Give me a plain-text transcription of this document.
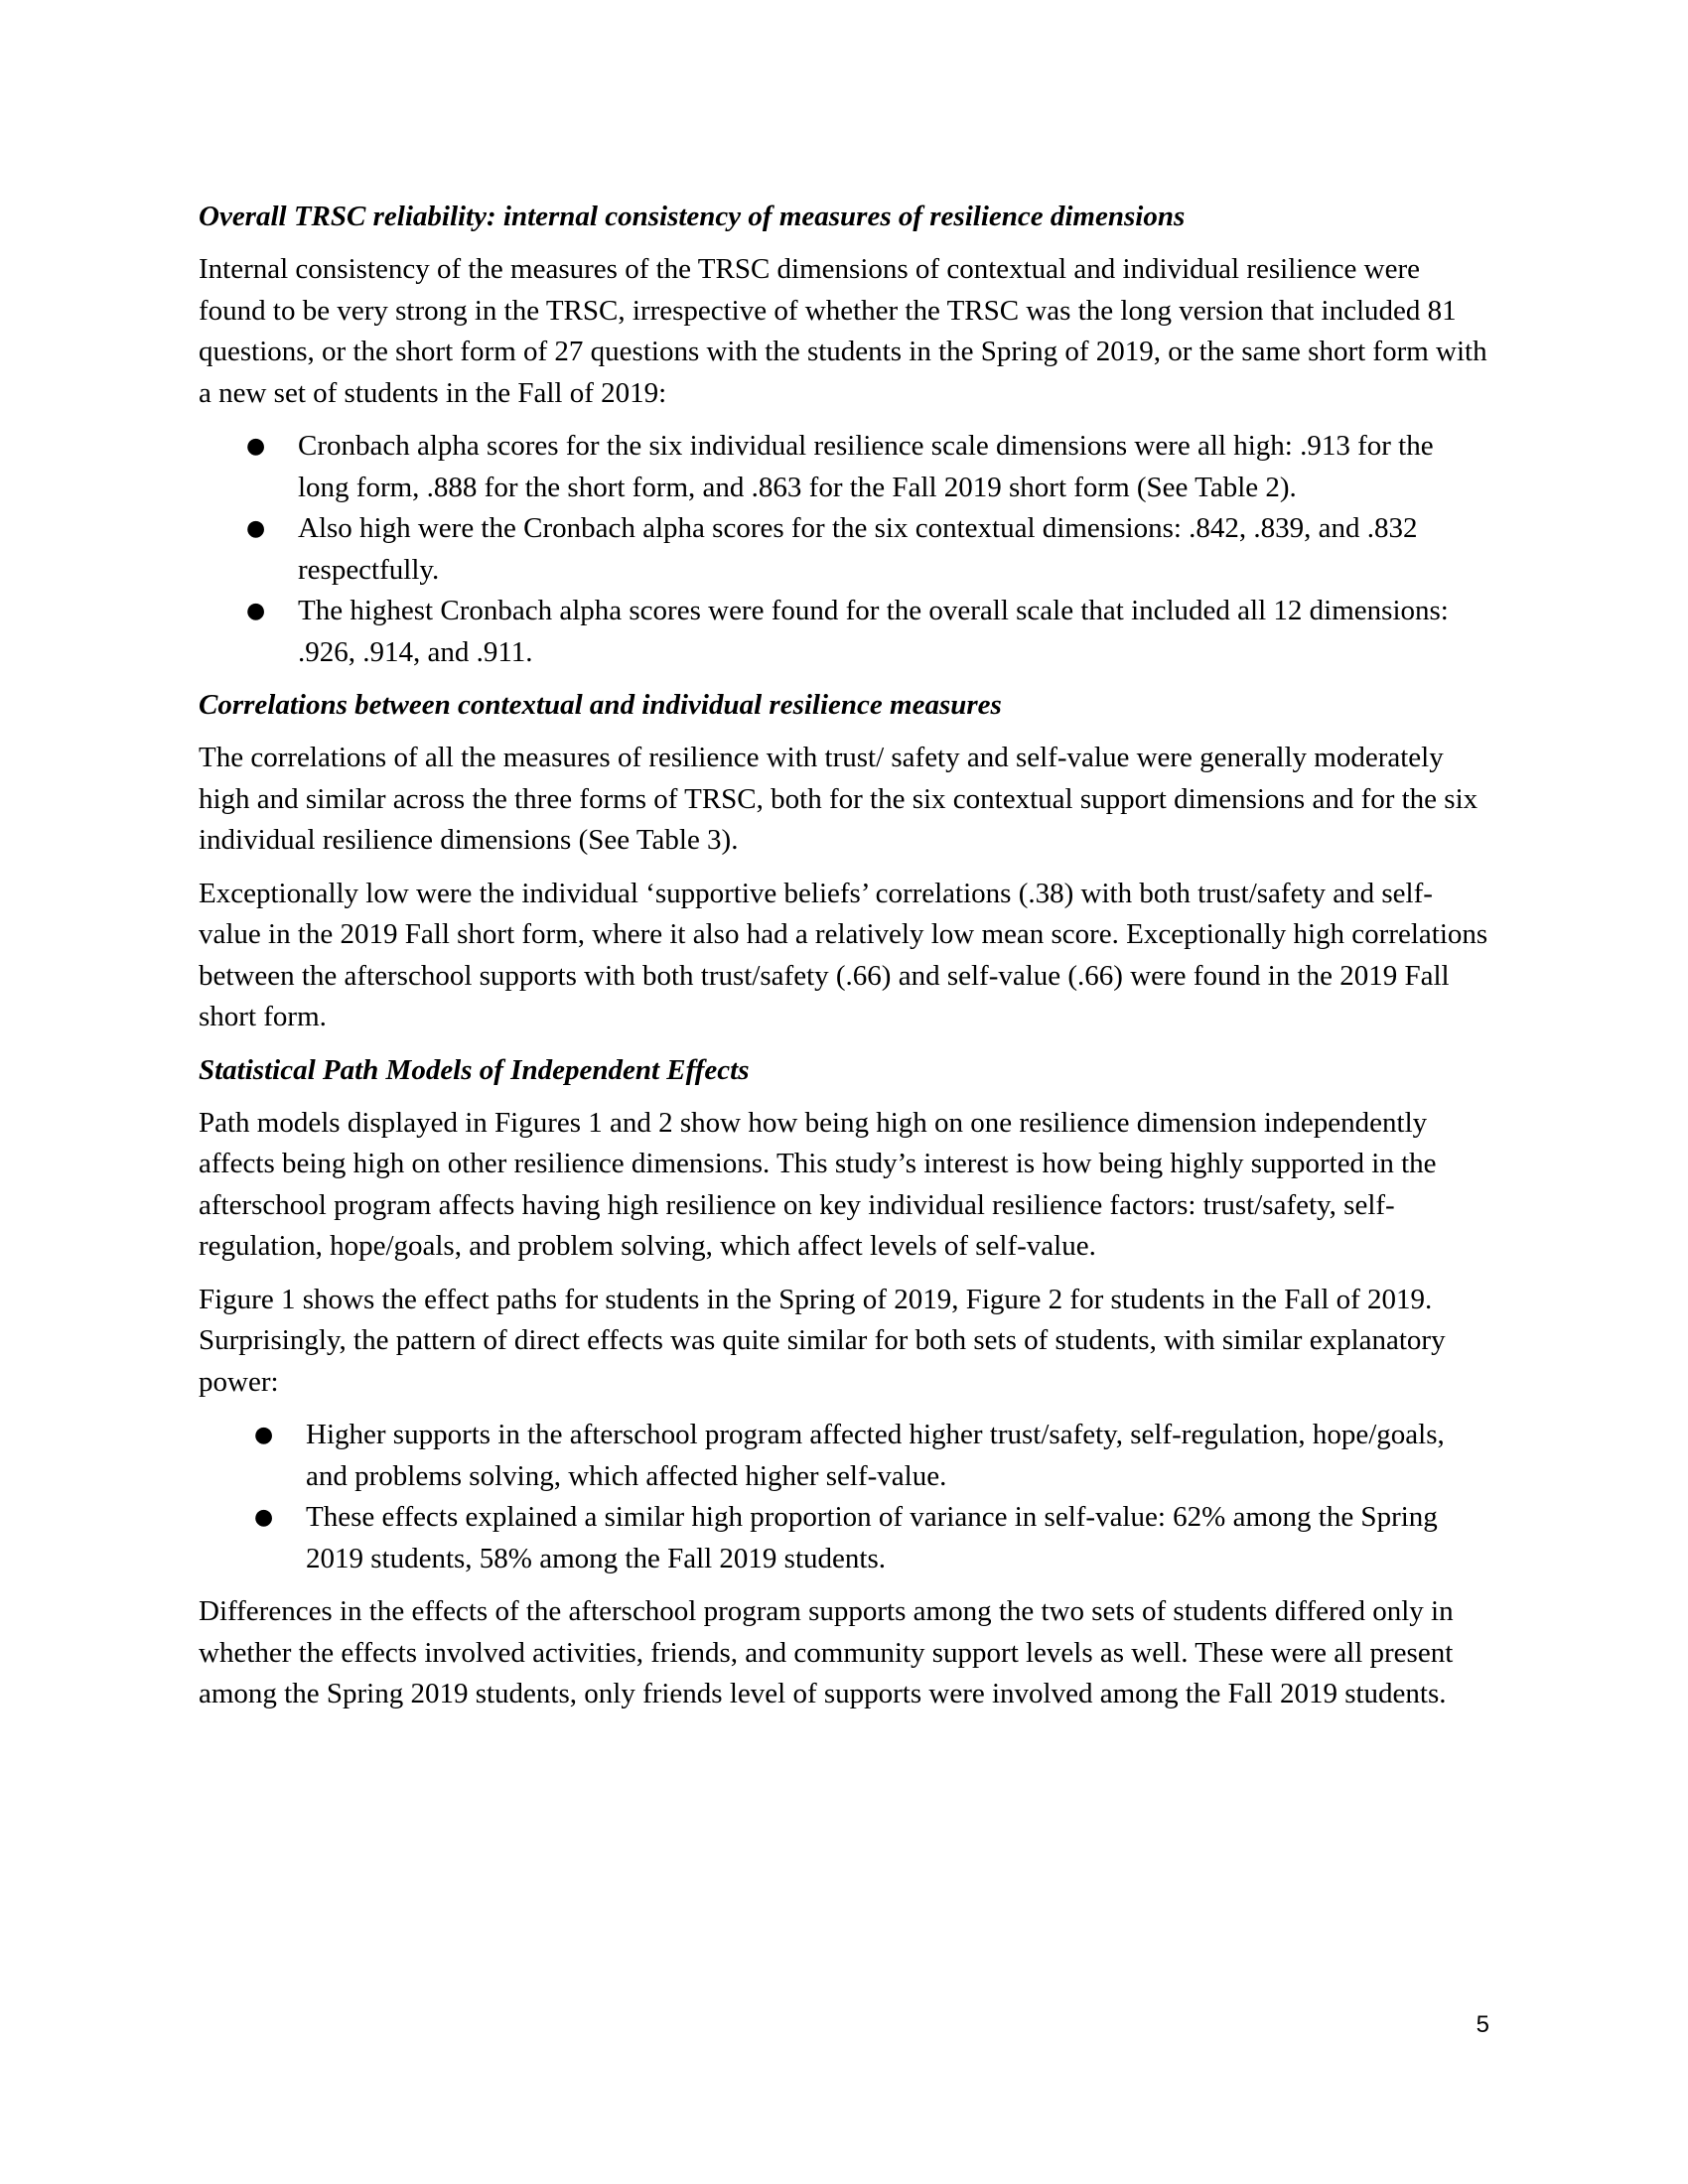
Overall TRSC reliability: internal consistency of measures of resilience dimensions

Internal consistency of the measures of the TRSC dimensions of contextual and individual resilience were found to be very strong in the TRSC, irrespective of whether the TRSC was the long version that included 81 questions, or the short form of 27 questions with the students in the Spring of 2019, or the same short form with a new set of students in the Fall of 2019:

● Cronbach alpha scores for the six individual resilience scale dimensions were all high: .913 for the long form, .888 for the short form, and .863 for the Fall 2019 short form (See Table 2).
● Also high were the Cronbach alpha scores for the six contextual dimensions: .842, .839, and .832 respectfully.
● The highest Cronbach alpha scores were found for the overall scale that included all 12 dimensions: .926, .914, and .911.
Correlations between contextual and individual resilience measures

The correlations of all the measures of resilience with trust/ safety and self-value were generally moderately high and similar across the three forms of TRSC, both for the six contextual support dimensions and for the six individual resilience dimensions (See Table 3).

Exceptionally low were the individual ‘supportive beliefs’ correlations (.38) with both trust/safety and self-value in the 2019 Fall short form, where it also had a relatively low mean score. Exceptionally high correlations between the afterschool supports with both trust/safety (.66) and self-value (.66) were found in the 2019 Fall short form.

Statistical Path Models of Independent Effects

Path models displayed in Figures 1 and 2 show how being high on one resilience dimension independently affects being high on other resilience dimensions. This study’s interest is how being highly supported in the afterschool program affects having high resilience on key individual resilience factors: trust/safety, self-regulation, hope/goals, and problem solving, which affect levels of self-value.

Figure 1 shows the effect paths for students in the Spring of 2019, Figure 2 for students in the Fall of 2019. Surprisingly, the pattern of direct effects was quite similar for both sets of students, with similar explanatory power:

● Higher supports in the afterschool program affected higher trust/safety, self-regulation, hope/goals, and problems solving, which affected higher self-value.
● These effects explained a similar high proportion of variance in self-value: 62% among the Spring 2019 students, 58% among the Fall 2019 students.

Differences in the effects of the afterschool program supports among the two sets of students differed only in whether the effects involved activities, friends, and community support levels as well. These were all present among the Spring 2019 students, only friends level of supports were involved among the Fall 2019 students.

5
